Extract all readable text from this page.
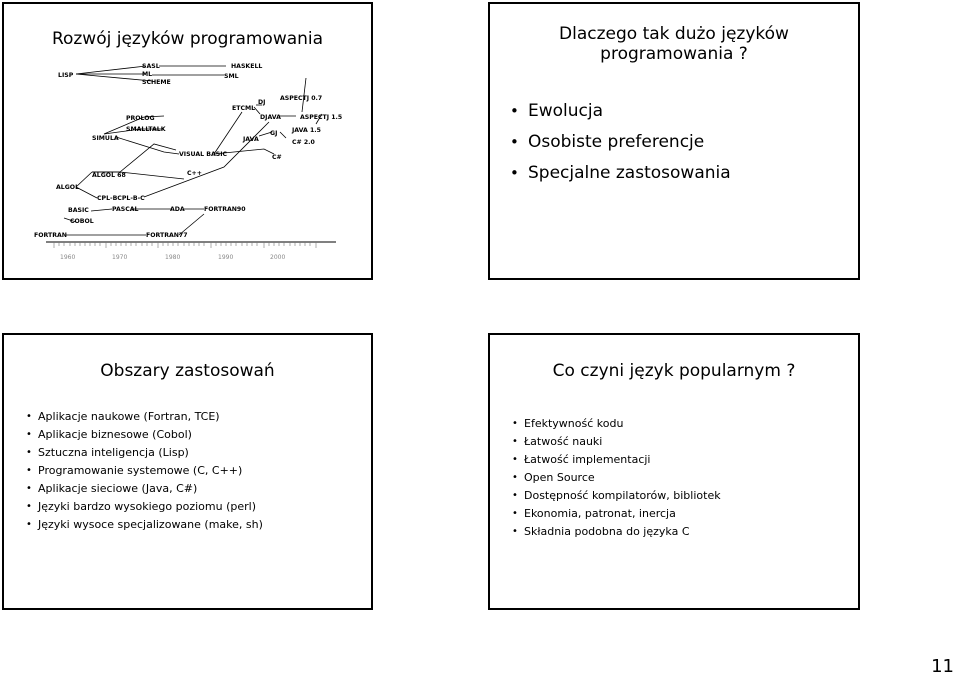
Rozwój języków programowania
LISP
SASL
ML
SCHEME
HASKELL
SML
DJ
ETCML
DJAVA
ASPECTJ 0.7
ASPECTJ 1.5
PROLOG
SMALLTALK
GJ JAVA 1.5
JAVA	C# 2.0
SIMULA
VISUAL BASIC	C#
C++
ALGOL 68
ALGOL
CPL-BCPL-B-C
BASIC	PASCAL	ADA	FORTRAN90
COBOL
FORTRAN	FORTRAN77
1960	1970	1980	1990	2000
Dlaczego tak dużo języków programowania ?
• Ewolucja
• Osobiste preferencje
• Specjalne zastosowania
Obszary zastosowań
• Aplikacje naukowe (Fortran, TCE)
• Aplikacje biznesowe (Cobol)
• Sztuczna inteligencja (Lisp)
• Programowanie systemowe (C, C++)
• Aplikacje sieciowe (Java, C#)
• Języki bardzo wysokiego poziomu (perl)
• Języki wysoce specjalizowane (make, sh)
Co czyni język popularnym ?
• Efektywność kodu
• Łatwość nauki
• Łatwość implementacji
• Open Source
• Dostępność kompilatorów, bibliotek
• Ekonomia, patronat, inercja
• Składnia podobna do języka C
11
